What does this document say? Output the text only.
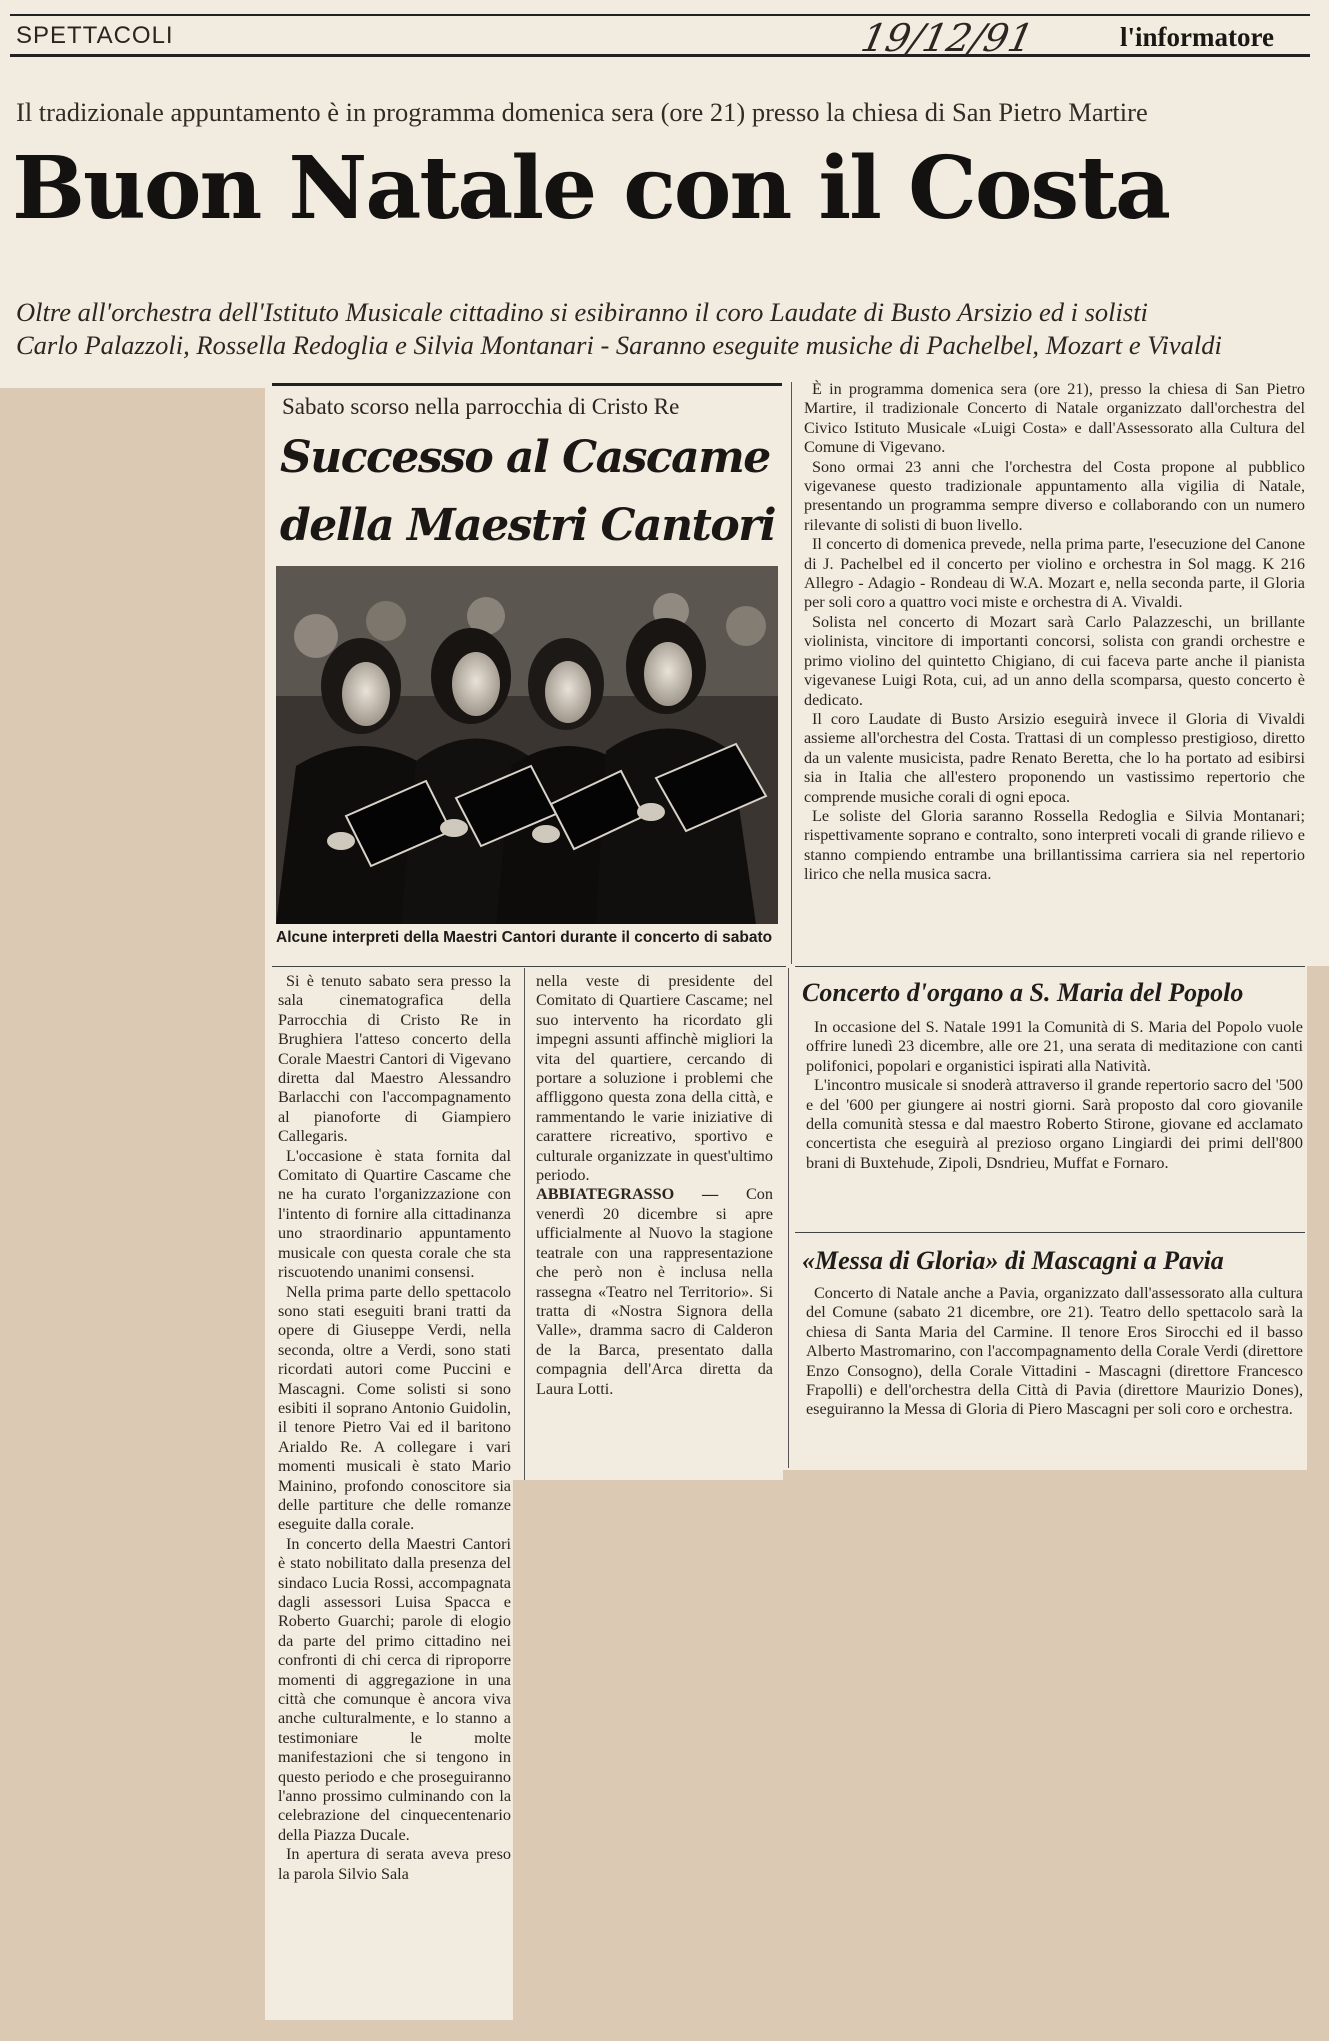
SPETTACOLI	19/12/91	l'informatore
Il tradizionale appuntamento è in programma domenica sera (ore 21) presso la chiesa di San Pietro Martire
Buon Natale con il Costa
Oltre all'orchestra dell'Istituto Musicale cittadino si esibiranno il coro Laudate di Busto Arsizio ed i solisti
Carlo Palazzoli, Rossella Redoglia e Silvia Montanari - Saranno eseguite musiche di Pachelbel, Mozart e Vivaldi
Sabato scorso nella parrocchia di Cristo Re
Successo al Cascame
della Maestri Cantori
Alcune interpreti della Maestri Cantori durante il concerto di sabato

È in programma domenica sera (ore 21), presso la chiesa di San Pietro Martire, il tradizionale Concerto di Natale organizzato dall'orchestra del Civico Istituto Musicale «Luigi Costa» e dall'Assessorato alla Cultura del Comune di Vigevano.

Sono ormai 23 anni che l'orchestra del Costa propone al pubblico vigevanese questo tradizionale appuntamento alla vigilia di Natale, presentando un programma sempre diverso e collaborando con un numero rilevante di solisti di buon livello.

Il concerto di domenica prevede, nella prima parte, l'esecuzione del Canone di J. Pachelbel ed il concerto per violino e orchestra in Sol magg. K 216 Allegro - Adagio - Rondeau di W.A. Mozart e, nella seconda parte, il Gloria per soli coro a quattro voci miste e orchestra di A. Vivaldi.

Solista nel concerto di Mozart sarà Carlo Palazzeschi, un brillante violinista, vincitore di importanti concorsi, solista con grandi orchestre e primo violino del quintetto Chigiano, di cui faceva parte anche il pianista vigevanese Luigi Rota, cui, ad un anno della scomparsa, questo concerto è dedicato.

Il coro Laudate di Busto Arsizio eseguirà invece il Gloria di Vivaldi assieme all'orchestra del Costa. Trattasi di un complesso prestigioso, diretto da un valente musicista, padre Renato Beretta, che lo ha portato ad esibirsi sia in Italia che all'estero proponendo un vastissimo repertorio che comprende musiche corali di ogni epoca.

Le soliste del Gloria saranno Rossella Redoglia e Silvia Montanari; rispettivamente soprano e contralto, sono interpreti vocali di grande rilievo e stanno compiendo entrambe una brillantissima carriera sia nel repertorio lirico che nella musica sacra.

Si è tenuto sabato sera presso la sala cinematografica della Parrocchia di Cristo Re in Brughiera l'atteso concerto della Corale Maestri Cantori di Vigevano diretta dal Maestro Alessandro Barlacchi con l'accompagnamento al pianoforte di Giampiero Callegaris.

L'occasione è stata fornita dal Comitato di Quartire Cascame che ne ha curato l'organizzazione con l'intento di fornire alla cittadinanza uno straordinario appuntamento musicale con questa corale che sta riscuotendo unanimi consensi.

Nella prima parte dello spettacolo sono stati eseguiti brani tratti da opere di Giuseppe Verdi, nella seconda, oltre a Verdi, sono stati ricordati autori come Puccini e Mascagni. Come solisti si sono esibiti il soprano Antonio Guidolin, il tenore Pietro Vai ed il baritono Arialdo Re. A collegare i vari momenti musicali è stato Mario Mainino, profondo conoscitore sia delle partiture che delle romanze eseguite dalla corale.

In concerto della Maestri Cantori è stato nobilitato dalla presenza del sindaco Lucia Rossi, accompagnata dagli assessori Luisa Spacca e Roberto Guarchi; parole di elogio da parte del primo cittadino nei confronti di chi cerca di riproporre momenti di aggregazione in una città che comunque è ancora viva anche culturalmente, e lo stanno a testimoniare le molte manifestazioni che si tengono in questo periodo e che proseguiranno l'anno prossimo culminando con la celebrazione del cinquecentenario della Piazza Ducale.

In apertura di serata aveva preso la parola Silvio Sala

nella veste di presidente del Comitato di Quartiere Cascame; nel suo intervento ha ricordato gli impegni assunti affinchè migliori la vita del quartiere, cercando di portare a soluzione i problemi che affliggono questa zona della città, e rammentando le varie iniziative di carattere ricreativo, sportivo e culturale organizzate in quest'ultimo periodo.

ABBIATEGRASSO — Con venerdì 20 dicembre si apre ufficialmente al Nuovo la stagione teatrale con una rappresentazione che però non è inclusa nella rassegna «Teatro nel Territorio». Si tratta di «Nostra Signora della Valle», dramma sacro di Calderon de la Barca, presentato dalla compagnia dell'Arca diretta da Laura Lotti.

Concerto d'organo a S. Maria del Popolo

In occasione del S. Natale 1991 la Comunità di S. Maria del Popolo vuole offrire lunedì 23 dicembre, alle ore 21, una serata di meditazione con canti polifonici, popolari e organistici ispirati alla Natività.

L'incontro musicale si snoderà attraverso il grande repertorio sacro del '500 e del '600 per giungere ai nostri giorni. Sarà proposto dal coro giovanile della comunità stessa e dal maestro Roberto Stirone, giovane ed acclamato concertista che eseguirà al prezioso organo Lingiardi dei primi dell'800 brani di Buxtehude, Zipoli, Dsndrieu, Muffat e Fornaro.

«Messa di Gloria» di Mascagni a Pavia

Concerto di Natale anche a Pavia, organizzato dall'assessorato alla cultura del Comune (sabato 21 dicembre, ore 21). Teatro dello spettacolo sarà la chiesa di Santa Maria del Carmine. Il tenore Eros Sirocchi ed il basso Alberto Mastromarino, con l'accompagnamento della Corale Verdi (direttore Enzo Consogno), della Corale Vittadini - Mascagni (direttore Francesco Frapolli) e dell'orchestra della Città di Pavia (direttore Maurizio Dones), eseguiranno la Messa di Gloria di Piero Mascagni per soli coro e orchestra.
